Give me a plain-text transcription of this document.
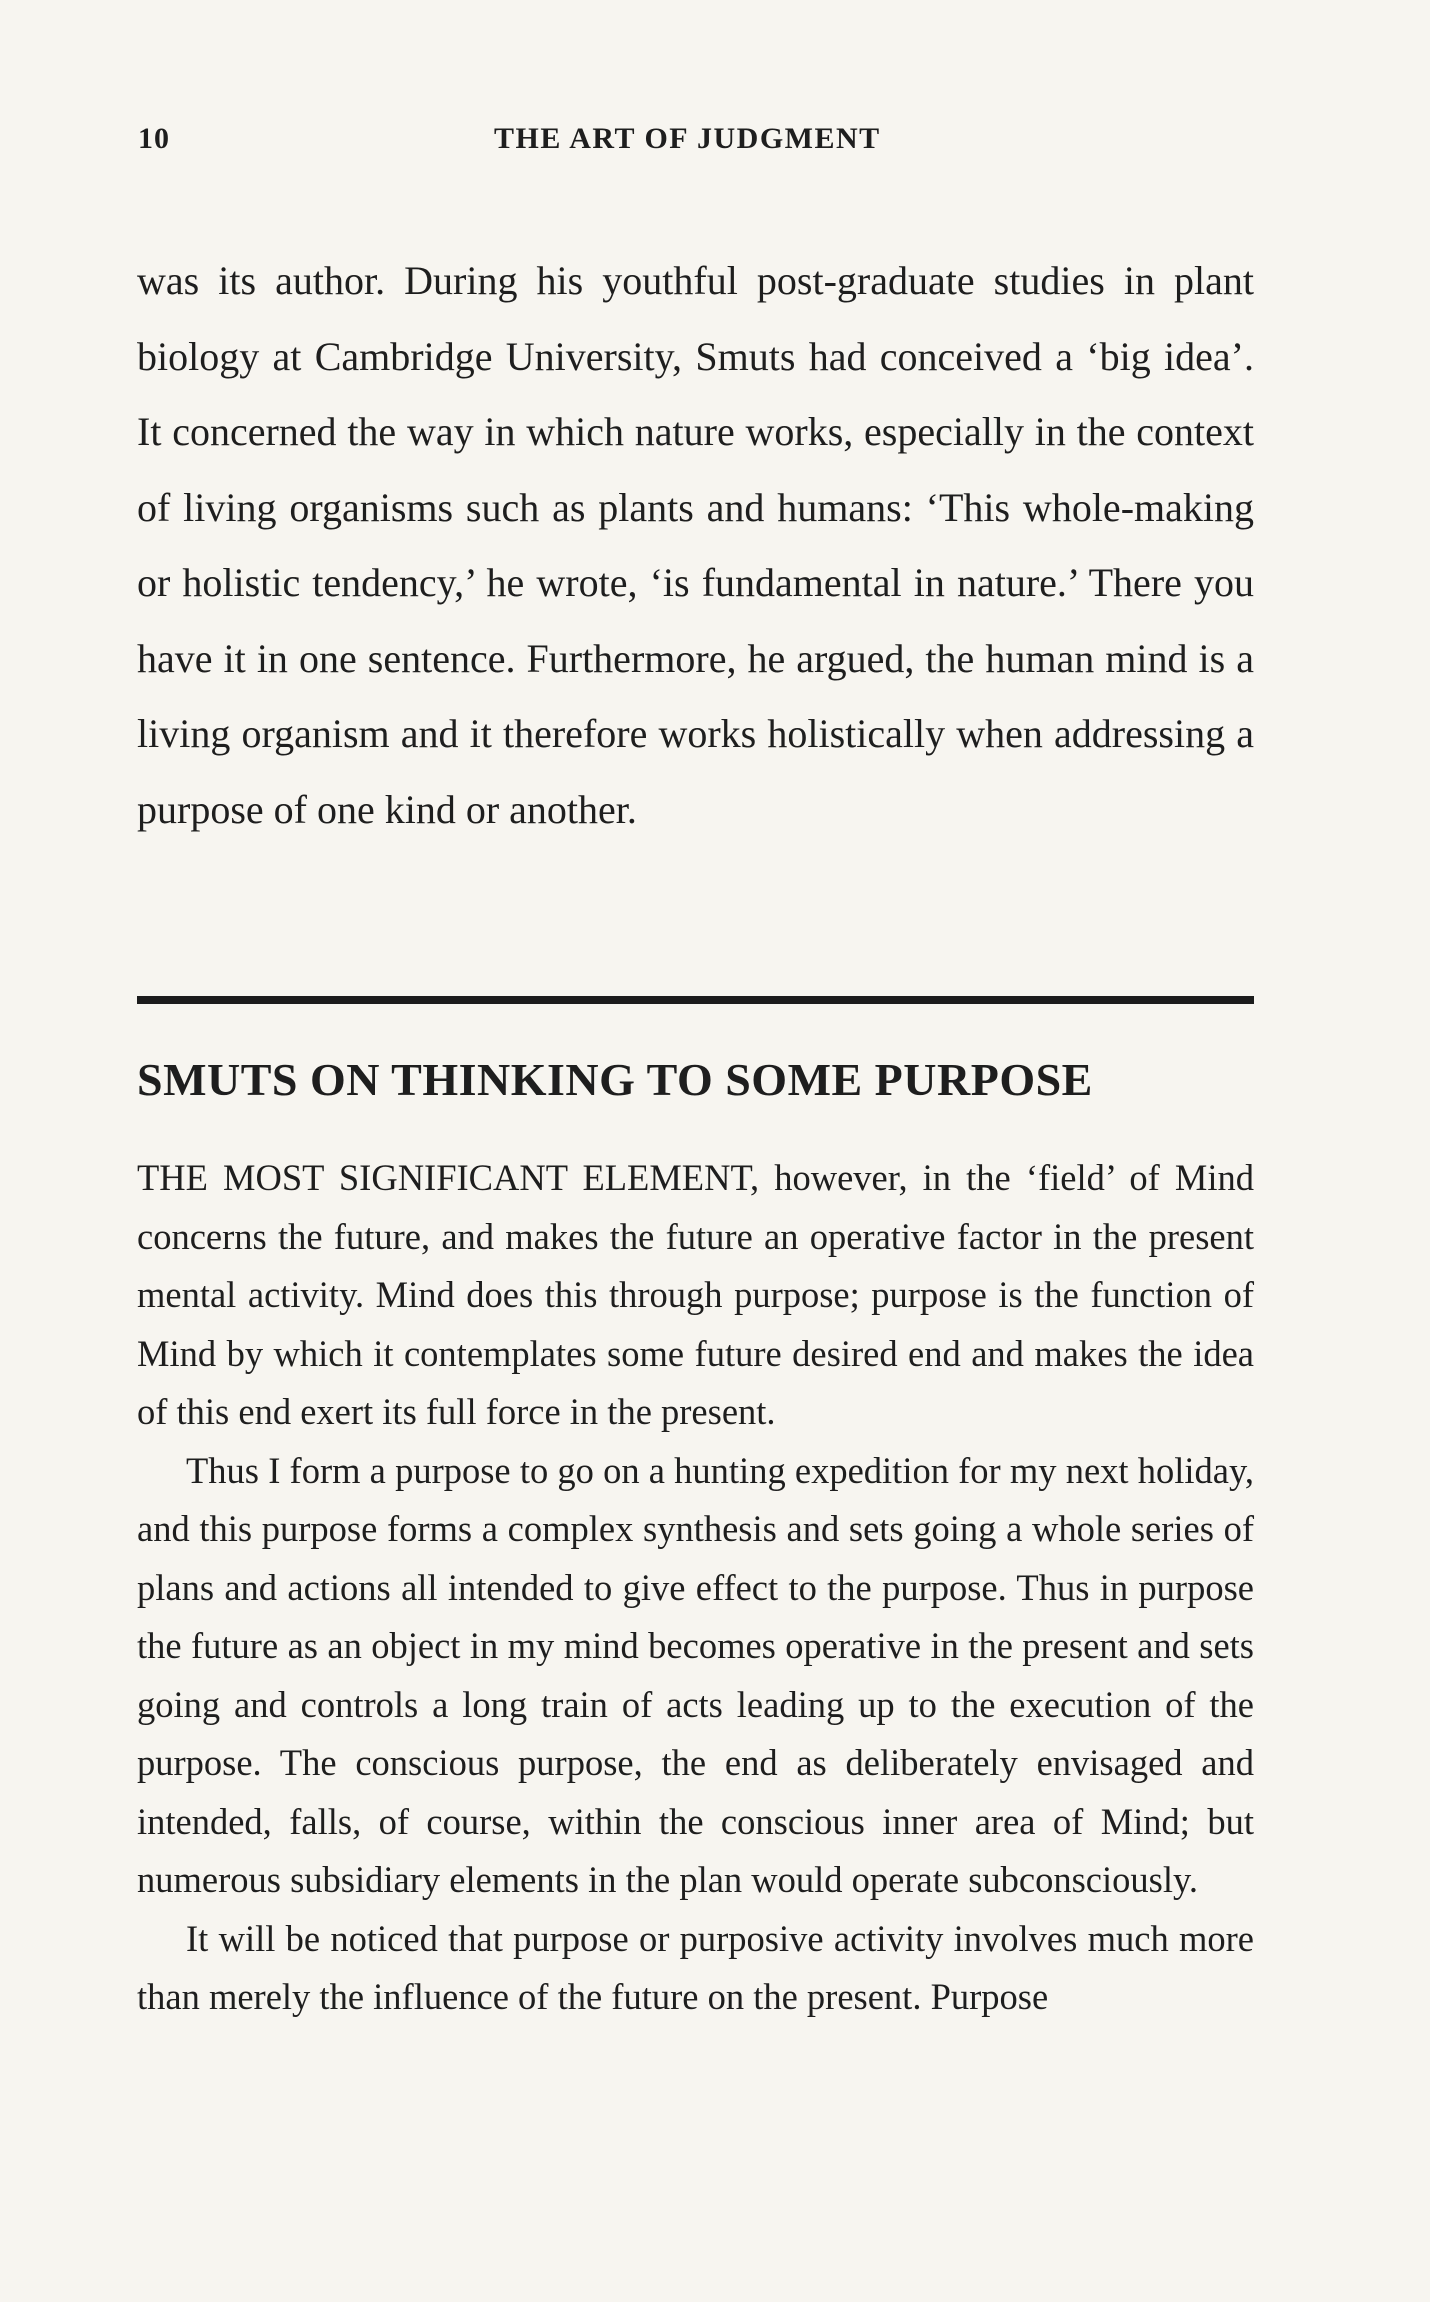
10	THE ART OF JUDGMENT

was its author. During his youthful post-graduate studies in plant biology at Cambridge University, Smuts had conceived a ‘big idea’. It concerned the way in which nature works, especially in the context of living organisms such as plants and humans: ‘This whole-making or holistic tendency,’ he wrote, ‘is fundamental in nature.’ There you have it in one sentence. Furthermore, he argued, the human mind is a living organism and it therefore works holistically when addressing a purpose of one kind or another.

SMUTS ON THINKING TO SOME PURPOSE

THE MOST SIGNIFICANT ELEMENT, however, in the ‘field’ of Mind concerns the future, and makes the future an operative factor in the present mental activity. Mind does this through purpose; purpose is the function of Mind by which it contemplates some future desired end and makes the idea of this end exert its full force in the present.

Thus I form a purpose to go on a hunting expedition for my next holiday, and this purpose forms a complex synthesis and sets going a whole series of plans and actions all intended to give effect to the purpose. Thus in purpose the future as an object in my mind becomes operative in the present and sets going and controls a long train of acts leading up to the execution of the purpose. The conscious purpose, the end as deliberately envisaged and intended, falls, of course, within the conscious inner area of Mind; but numerous subsidiary elements in the plan would operate subconsciously.

It will be noticed that purpose or purposive activity involves much more than merely the influence of the future on the present. Purpose
